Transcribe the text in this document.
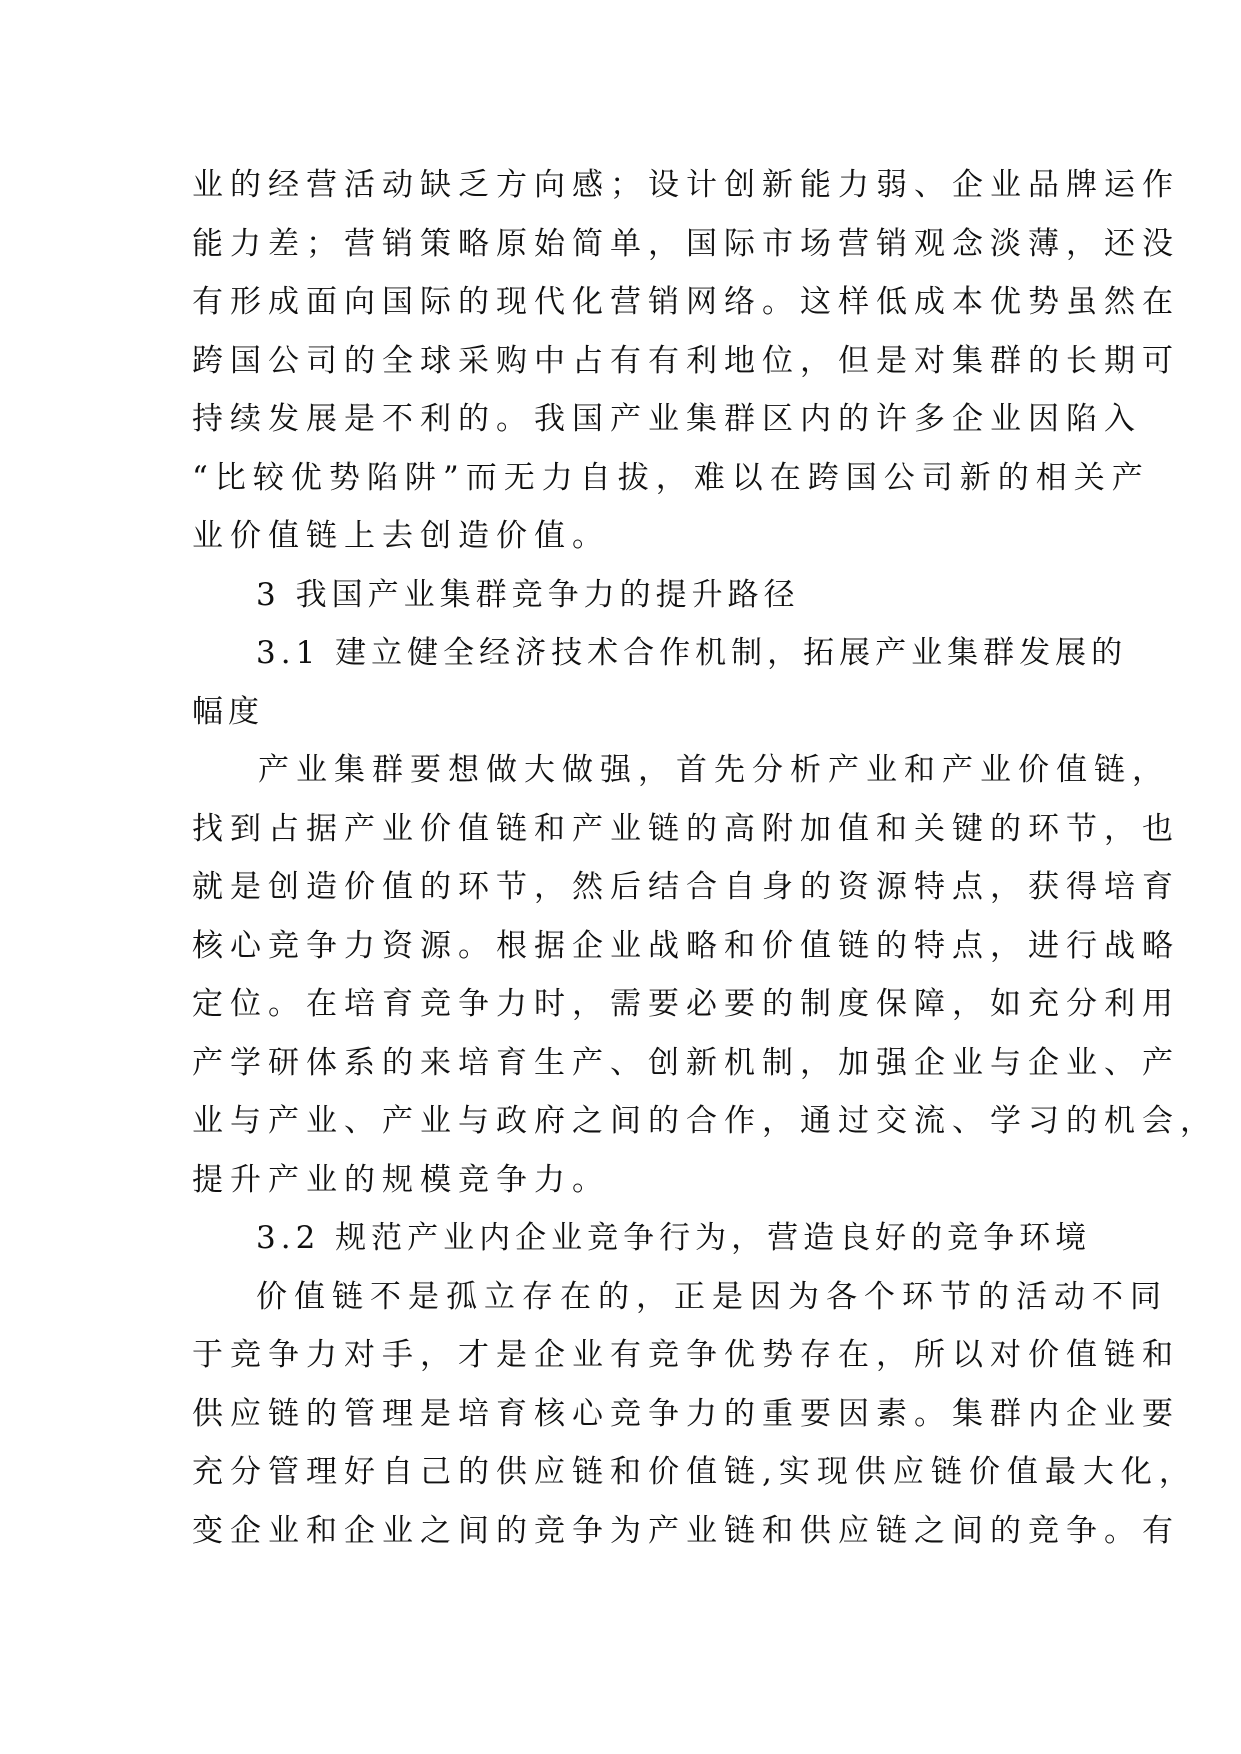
业的经营活动缺乏方向感；设计创新能力弱、企业品牌运作
能力差；营销策略原始简单，国际市场营销观念淡薄，还没
有形成面向国际的现代化营销网络。这样低成本优势虽然在
跨国公司的全球采购中占有有利地位，但是对集群的长期可
持续发展是不利的。我国产业集群区内的许多企业因陷入
“比较优势陷阱”而无力自拔，难以在跨国公司新的相关产
业价值链上去创造价值。
3 我国产业集群竞争力的提升路径
3.1 建立健全经济技术合作机制，拓展产业集群发展的
幅度
产业集群要想做大做强，首先分析产业和产业价值链，
找到占据产业价值链和产业链的高附加值和关键的环节，也
就是创造价值的环节，然后结合自身的资源特点，获得培育
核心竞争力资源。根据企业战略和价值链的特点，进行战略
定位。在培育竞争力时，需要必要的制度保障，如充分利用
产学研体系的来培育生产、创新机制，加强企业与企业、产
业与产业、产业与政府之间的合作，通过交流、学习的机会，
提升产业的规模竞争力。
3.2 规范产业内企业竞争行为，营造良好的竞争环境
价值链不是孤立存在的，正是因为各个环节的活动不同
于竞争力对手，才是企业有竞争优势存在，所以对价值链和
供应链的管理是培育核心竞争力的重要因素。集群内企业要
充分管理好自己的供应链和价值链,实现供应链价值最大化，
变企业和企业之间的竞争为产业链和供应链之间的竞争。有
